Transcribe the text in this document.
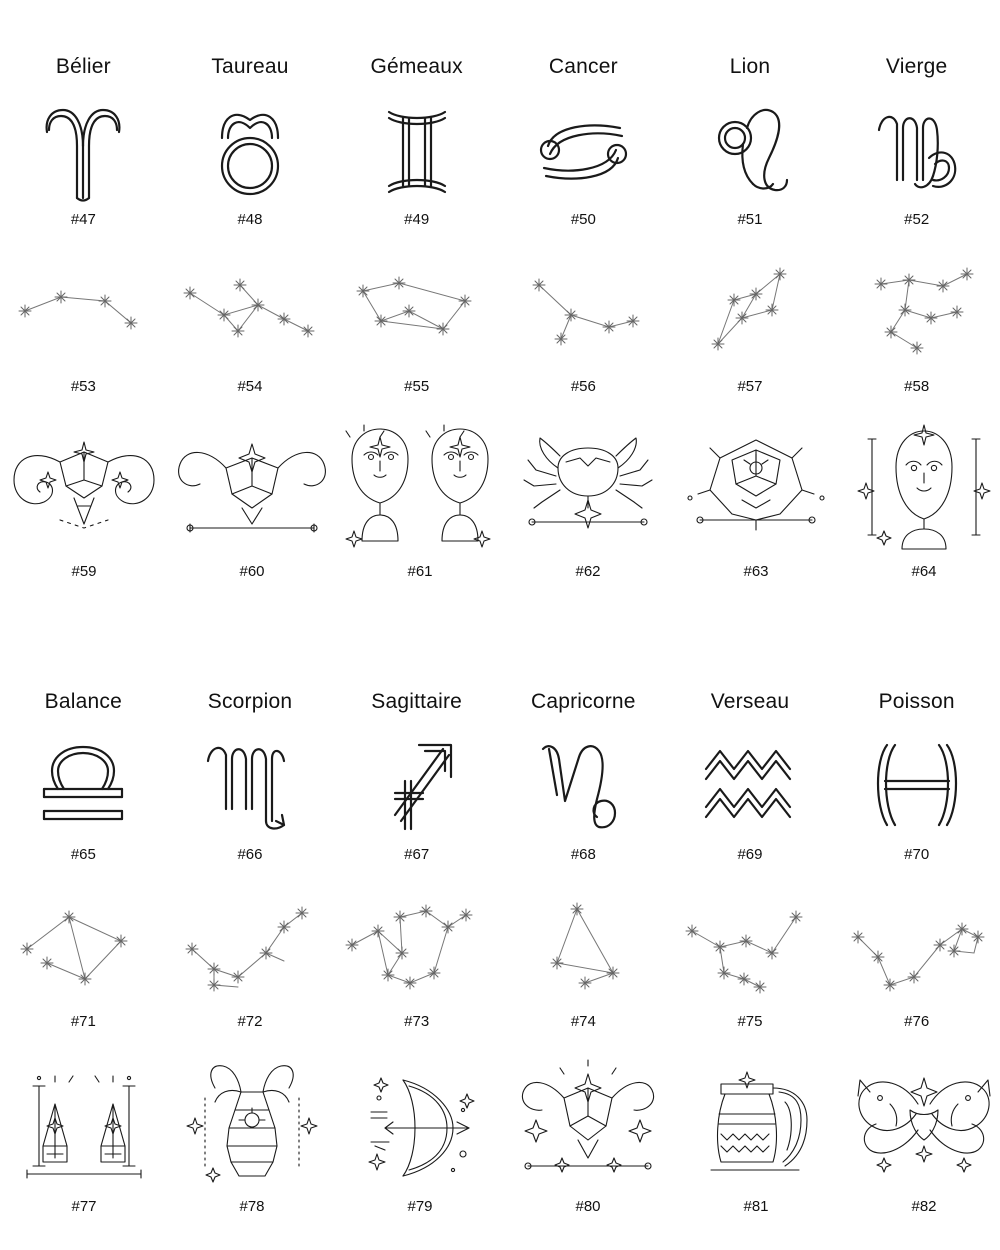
Bélier	Taureau	Gémeaux	Cancer	Lion	Vierge
#47	#48	#49	#50	#51	#52
#53	#54	#55	#56	#57	#58
#59	#60	#61	#62	#63	#64
Balance	Scorpion	Sagittaire	Capricorne	Verseau	Poisson
#65	#66	#67	#68	#69	#70
#71	#72	#73	#74	#75	#76
#77	#78	#79	#80	#81	#82
